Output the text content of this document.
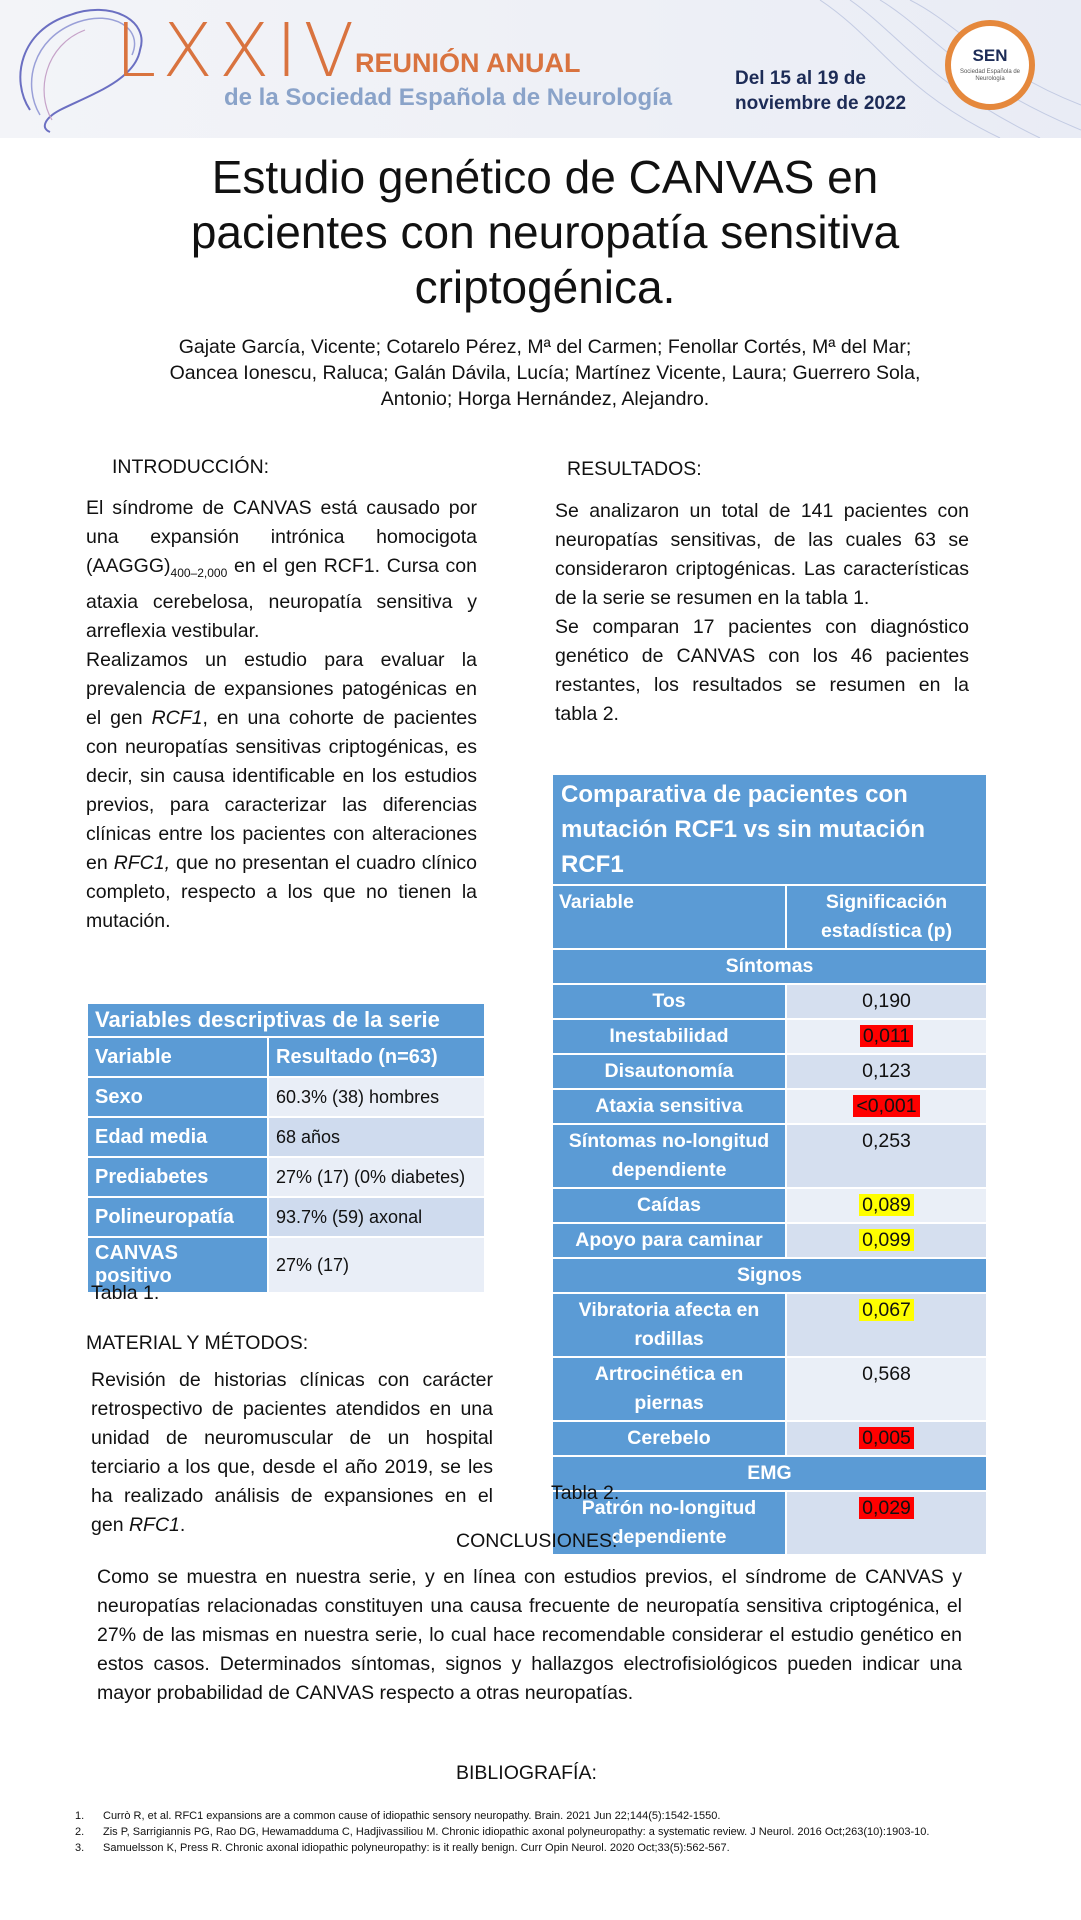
LXXIV
REUNIÓN ANUAL
de la Sociedad Española de Neurología
Del 15 al 19 de
noviembre de 2022
SEN
Sociedad Española de Neurología
Estudio genético de CANVAS en pacientes con neuropatía sensitiva criptogénica.
Gajate García, Vicente; Cotarelo Pérez, Mª del Carmen; Fenollar Cortés, Mª del Mar; Oancea Ionescu, Raluca; Galán Dávila, Lucía; Martínez Vicente, Laura; Guerrero Sola, Antonio; Horga Hernández, Alejandro.
INTRODUCCIÓN:

El síndrome de CANVAS está causado por una expansión intrónica homocigota $(AAGGG)_{400-2,000}$ en el gen RCF1. Cursa con ataxia cerebelosa, neuropatía sensitiva y arreflexia vestibular.

Realizamos un estudio para evaluar la prevalencia de expansiones patogénicas en el gen RCF1, en una cohorte de pacientes con neuropatías sensitivas criptogénicas, es decir, sin causa identificable en los estudios previos, para caracterizar las diferencias clínicas entre los pacientes con alteraciones en RFC1, que no presentan el cuadro clínico completo, respecto a los que no tienen la mutación.

Variables descriptivas de la serie	
Variable	Resultado (n=63)
Sexo	60.3% (38) hombres
Edad media	68 años
Prediabetes	27% (17) (0% diabetes)
Polineuropatía	93.7% (59) axonal
CANVAS positivo	27% (17)
Tabla 1.
MATERIAL Y MÉTODOS:

Revisión de historias clínicas con carácter retrospectivo de pacientes atendidos en una unidad de neuromuscular de un hospital terciario a los que, desde el año 2019, se les ha realizado análisis de expansiones en el gen RFC1.

RESULTADOS:

Se analizaron un total de 141 pacientes con neuropatías sensitivas, de las cuales 63 se consideraron criptogénicas. Las características de la serie se resumen en la tabla 1.

Se comparan 17 pacientes con diagnóstico genético de CANVAS con los 46 pacientes restantes, los resultados se resumen en la tabla 2.

Comparativa de pacientes con mutación RCF1 vs sin mutación RCF1	
Variable	Significación estadística (p)
Síntomas	
Tos	0,190
Inestabilidad	0,011
Disautonomía	0,123
Ataxia sensitiva	<0,001
Síntomas no-longitud dependiente	0,253
Caídas	0,089
Apoyo para caminar	0,099
Signos	
Vibratoria afecta en rodillas	0,067
Artrocinética en piernas	0,568
Cerebelo	0,005
EMG	
Patrón no-longitud dependiente	0,029
Tabla 2.
CONCLUSIONES:
Como se muestra en nuestra serie, y en línea con estudios previos, el síndrome de CANVAS y neuropatías relacionadas constituyen una causa frecuente de neuropatía sensitiva criptogénica, el 27% de las mismas en nuestra serie, lo cual hace recomendable considerar el estudio genético en estos casos. Determinados síntomas, signos y hallazgos electrofisiológicos pueden indicar una mayor probabilidad de CANVAS respecto a otras neuropatías.
BIBLIOGRAFÍA:
1.	Currò R, et al. RFC1 expansions are a common cause of idiopathic sensory neuropathy. Brain. 2021 Jun 22;144(5):1542-1550.
2.	Zis P, Sarrigiannis PG, Rao DG, Hewamadduma C, Hadjivassiliou M. Chronic idiopathic axonal polyneuropathy: a systematic review. J Neurol. 2016 Oct;263(10):1903-10.
3.	Samuelsson K, Press R. Chronic axonal idiopathic polyneuropathy: is it really benign. Curr Opin Neurol. 2020 Oct;33(5):562-567.
